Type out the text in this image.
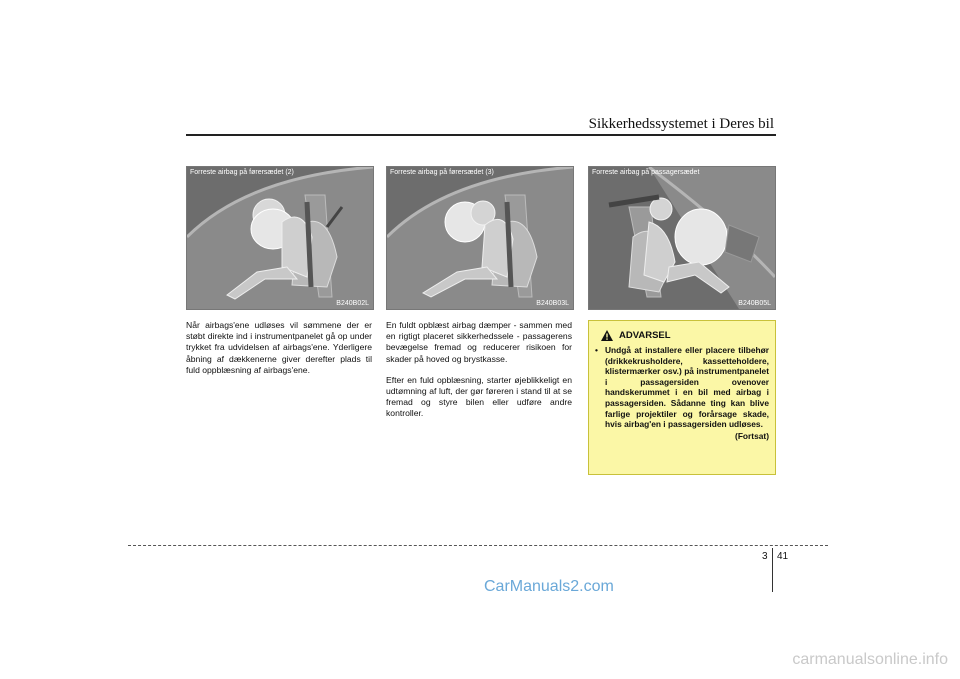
Sikkerhedssystemet i Deres bil
Forreste airbag på førersædet (2)
B240B02L

Når airbags'ene udløses vil sømmene der er støbt direkte ind i instrumentpanelet gå op under trykket fra udvidelsen af airbags'ene. Yderligere åbning af dækkenerne giver derefter plads til fuld oppblæsning af airbags'ene.

Forreste airbag på førersædet (3)
B240B03L

En fuldt opblæst airbag dæmper - sammen med en rigtigt placeret sikkerhedssele - passagerens bevægelse fremad og reducerer risikoen for skader på hoved og brystkasse.

Efter en fuld opblæsning, starter øjeblikkeligt en udtømning af luft, der gør føreren i stand til at se fremad og styre bilen eller udføre andre kontroller.

Forreste airbag på passagersædet
B240B05L
ADVARSEL
• Undgå at installere eller placere tilbehør (drikkekrusholdere, kassetteholdere, klistermærker osv.) på instrumentpanelet i passagersiden ovenover handskerummet i en bil med airbag i passagersiden. Sådanne ting kan blive farlige projektiler og forårsage skade, hvis airbag'en i passagersiden udløses.
(Fortsat)
3 41
CarManuals2.com
carmanualsonline.info
